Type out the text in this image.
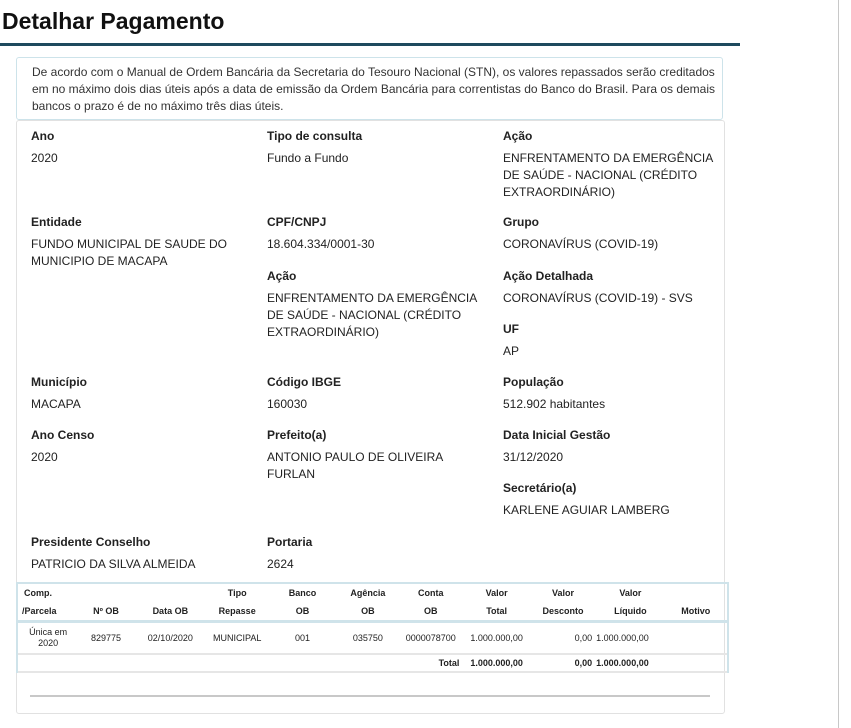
Detalhar Pagamento
De acordo com o Manual de Ordem Bancária da Secretaria do Tesouro Nacional (STN), os valores repassados serão creditados em no máximo dois dias úteis após a data de emissão da Ordem Bancária para correntistas do Banco do Brasil. Para os demais bancos o prazo é de no máximo três dias úteis.
Ano
2020
Tipo de consulta
Fundo a Fundo
Ação
ENFRENTAMENTO DA EMERGÊNCIA DE SAÚDE - NACIONAL (CRÉDITO EXTRAORDINÁRIO)
Entidade
FUNDO MUNICIPAL DE SAUDE DO MUNICIPIO DE MACAPA
CPF/CNPJ
18.604.334/0001-30
Grupo
CORONAVÍRUS (COVID-19)
Ação
ENFRENTAMENTO DA EMERGÊNCIA DE SAÚDE - NACIONAL (CRÉDITO EXTRAORDINÁRIO)
Ação Detalhada
CORONAVÍRUS (COVID-19) - SVS
UF
AP
Município
MACAPA
Código IBGE
160030
População
512.902 habitantes
Ano Censo
2020
Prefeito(a)
ANTONIO PAULO DE OLIVEIRA FURLAN
Data Inicial Gestão
31/12/2020
Secretário(a)
KARLENE AGUIAR LAMBERG
Presidente Conselho
PATRICIO DA SILVA ALMEIDA
Portaria
2624
Comp.			Tipo	Banco	Agência	Conta	Valor	Valor	Valor	
/Parcela	Nº OB	Data OB	Repasse	OB	OB	OB	Total	Desconto	Líquido	Motivo
Única em 2020	829775	02/10/2020	MUNICIPAL	001	035750	0000078700	1.000.000,00	0,00	1.000.000,00	
Total							1.000.000,00	0,00	1.000.000,00	
